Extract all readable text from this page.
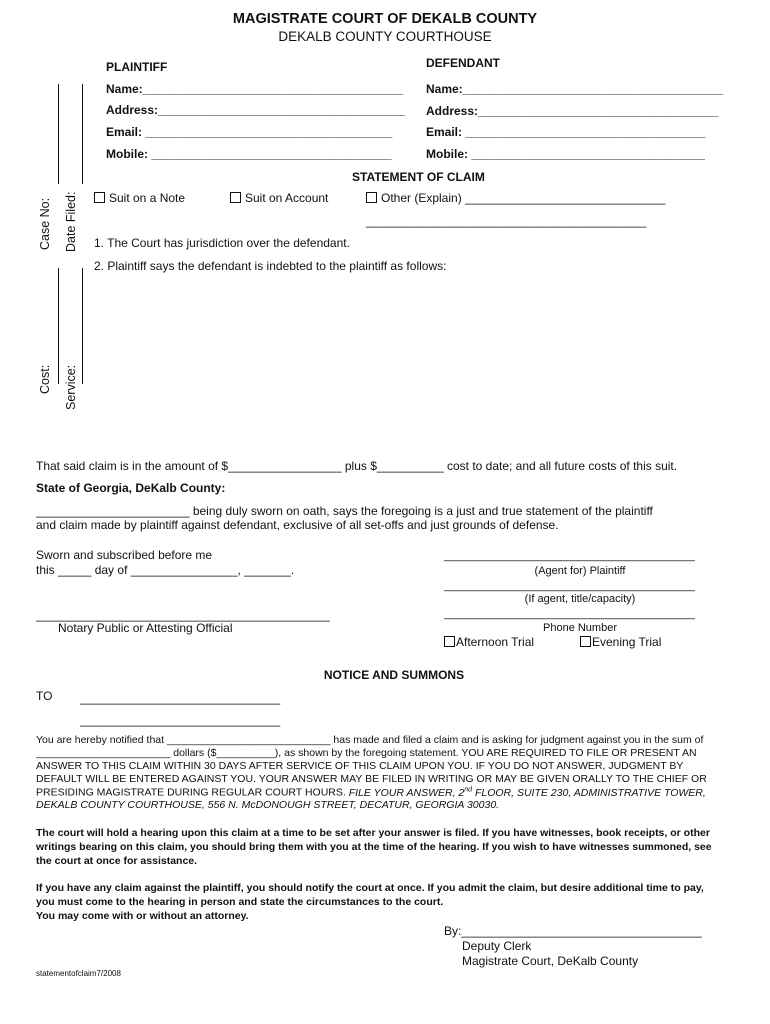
MAGISTRATE COURT OF DEKALB COUNTY
DEKALB COUNTY COURTHOUSE
PLAINTIFF	DEFENDANT
Name:_______________________________________
Address:_____________________________________
Email: _____________________________________
Mobile: ____________________________________
Name:_______________________________________
Address:____________________________________
Email: ____________________________________
Mobile: ___________________________________
Case No: Date Filed:
Cost: Service:
STATEMENT OF CLAIM
Suit on a Note	Suit on Account	Other (Explain) ______________________________
__________________________________________
1. The Court has jurisdiction over the defendant.
2. Plaintiff says the defendant is indebted to the plaintiff as follows:
That said claim is in the amount of $_________________ plus $__________ cost to date; and all future costs of this suit.
State of Georgia, DeKalb County:
_______________________ being duly sworn on oath, says the foregoing is a just and true statement of the plaintiff
and claim made by plaintiff against defendant, exclusive of all set-offs and just grounds of defense.
Sworn and subscribed before me
this _____ day of ________________, _______.
_________________________________________
(Agent for) Plaintiff
_________________________________________
(If agent, title/capacity)
_________________________________________
Phone Number
____________________________________________
Notary Public or Attesting Official
Afternoon Trial	Evening Trial
NOTICE AND SUMMONS
TO ______________________________
______________________________
You are hereby notified that ____________________________ has made and filed a claim and is asking for judgment against you in the sum of
_______________________ dollars ($__________), as shown by the foregoing statement. YOU ARE REQUIRED TO FILE OR PRESENT AN
ANSWER TO THIS CLAIM WITHIN 30 DAYS AFTER SERVICE OF THIS CLAIM UPON YOU. IF YOU DO NOT ANSWER, JUDGMENT BY
DEFAULT WILL BE ENTERED AGAINST YOU. YOUR ANSWER MAY BE FILED IN WRITING OR MAY BE GIVEN ORALLY TO THE CHIEF OR
PRESIDING MAGISTRATE DURING REGULAR COURT HOURS. FILE YOUR ANSWER, 2nd FLOOR, SUITE 230, ADMINISTRATIVE TOWER,
DEKALB COUNTY COURTHOUSE, 556 N. McDONOUGH STREET, DECATUR, GEORGIA 30030.
The court will hold a hearing upon this claim at a time to be set after your answer is filed. If you have witnesses, book receipts, or other
writings bearing on this claim, you should bring them with you at the time of the hearing. If you wish to have witnesses summoned, see
the court at once for assistance.
If you have any claim against the plaintiff, you should notify the court at once. If you admit the claim, but desire additional time to pay,
you must come to the hearing in person and state the circumstances to the court.
You may come with or without an attorney.
By:____________________________________
Deputy Clerk
Magistrate Court, DeKalb County
statementofclaim7/2008
